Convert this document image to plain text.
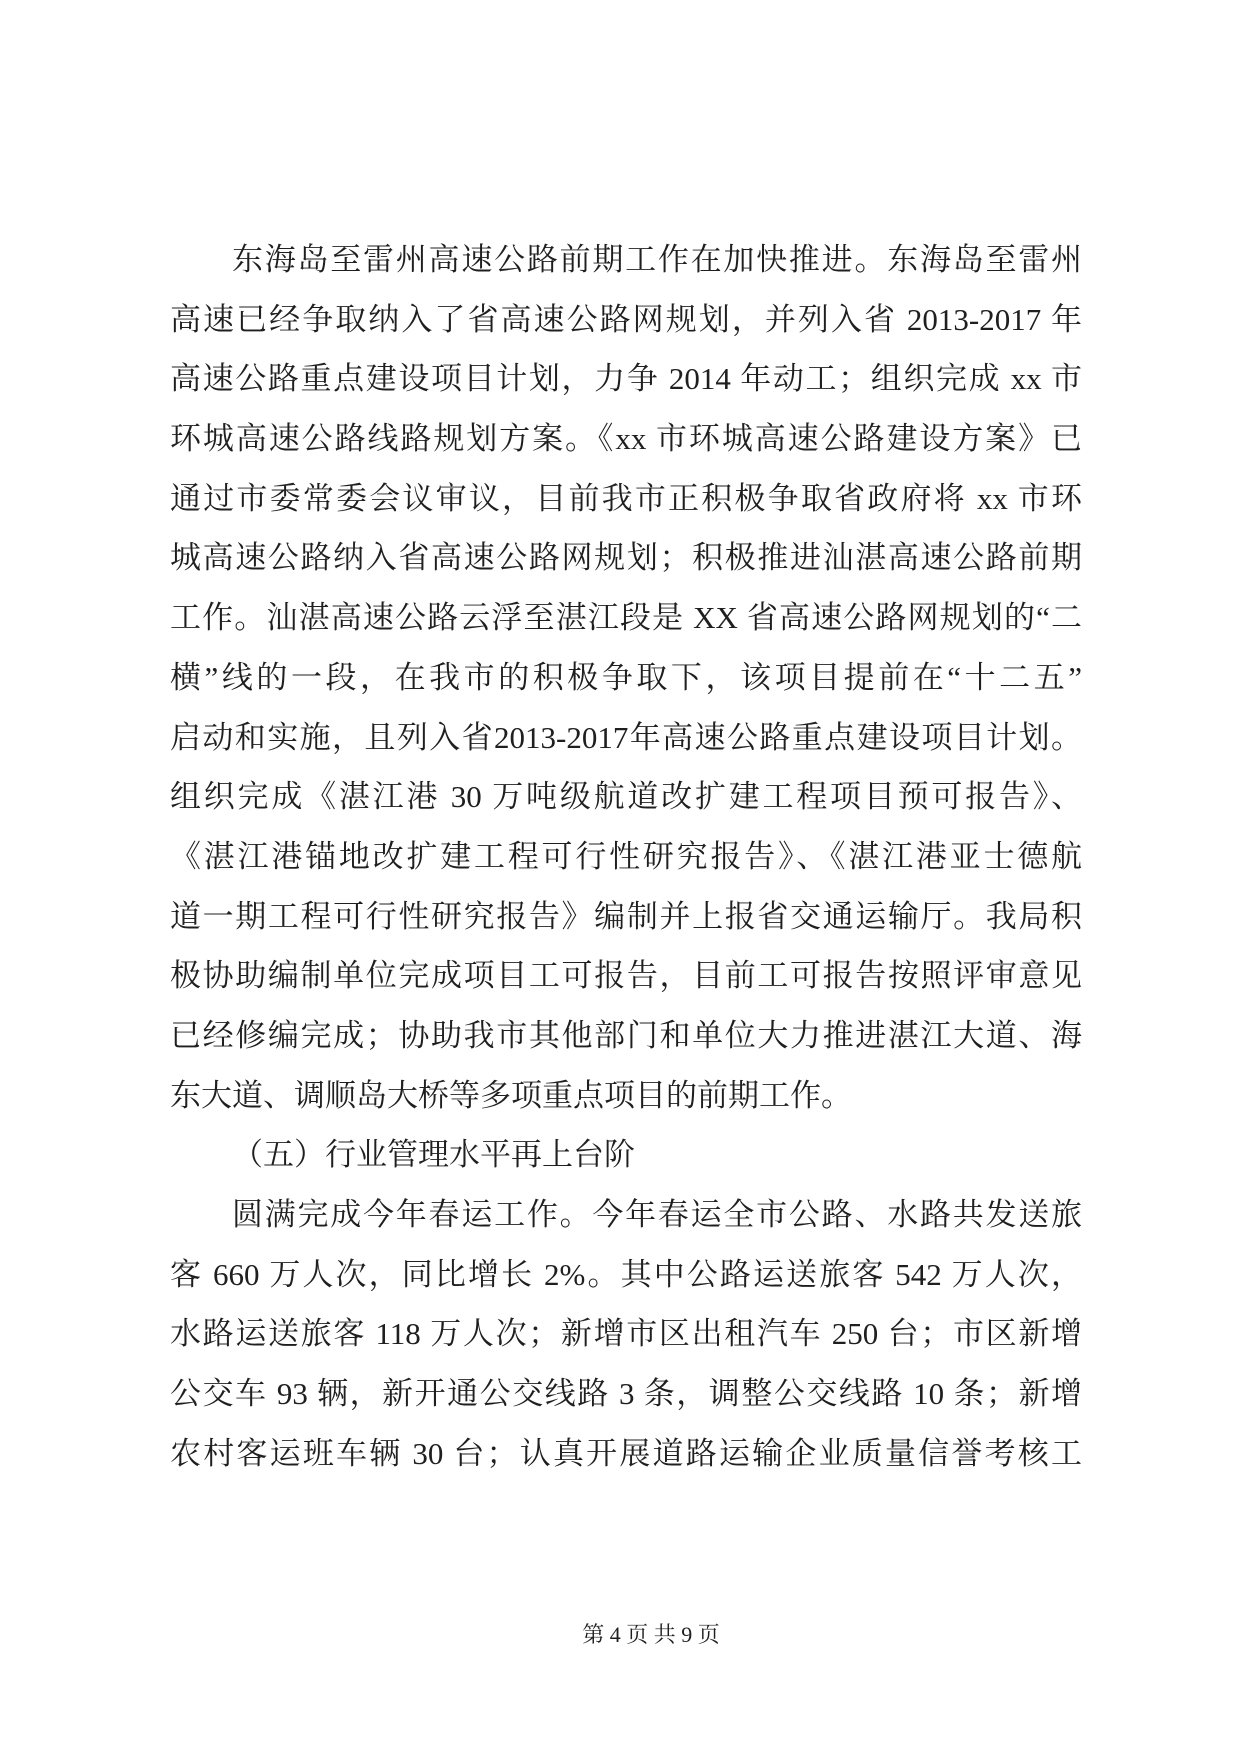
东海岛至雷州高速公路前期工作在加快推进。东海岛至雷州
高速已经争取纳入了省高速公路网规划，并列入省 2013-2017 年
高速公路重点建设项目计划，力争 2014 年动工；组织完成 xx 市
环城高速公路线路规划方案。《xx 市环城高速公路建设方案》已
通过市委常委会议审议，目前我市正积极争取省政府将 xx 市环
城高速公路纳入省高速公路网规划；积极推进汕湛高速公路前期
工作。汕湛高速公路云浮至湛江段是 XX 省高速公路网规划的“二
横”线的一段，在我市的积极争取下，该项目提前在“十二五”
启动和实施，且列入省2013-2017年高速公路重点建设项目计划。
组织完成《湛江港 30 万吨级航道改扩建工程项目预可报告》、
《湛江港锚地改扩建工程可行性研究报告》、《湛江港亚士德航
道一期工程可行性研究报告》编制并上报省交通运输厅。我局积
极协助编制单位完成项目工可报告，目前工可报告按照评审意见
已经修编完成；协助我市其他部门和单位大力推进湛江大道、海
东大道、调顺岛大桥等多项重点项目的前期工作。
（五）行业管理水平再上台阶
圆满完成今年春运工作。今年春运全市公路、水路共发送旅
客 660 万人次，同比增长 2%。其中公路运送旅客 542 万人次，
水路运送旅客 118 万人次；新增市区出租汽车 250 台；市区新增
公交车 93 辆，新开通公交线路 3 条，调整公交线路 10 条；新增
农村客运班车辆 30 台；认真开展道路运输企业质量信誉考核工
第 4 页 共 9 页
